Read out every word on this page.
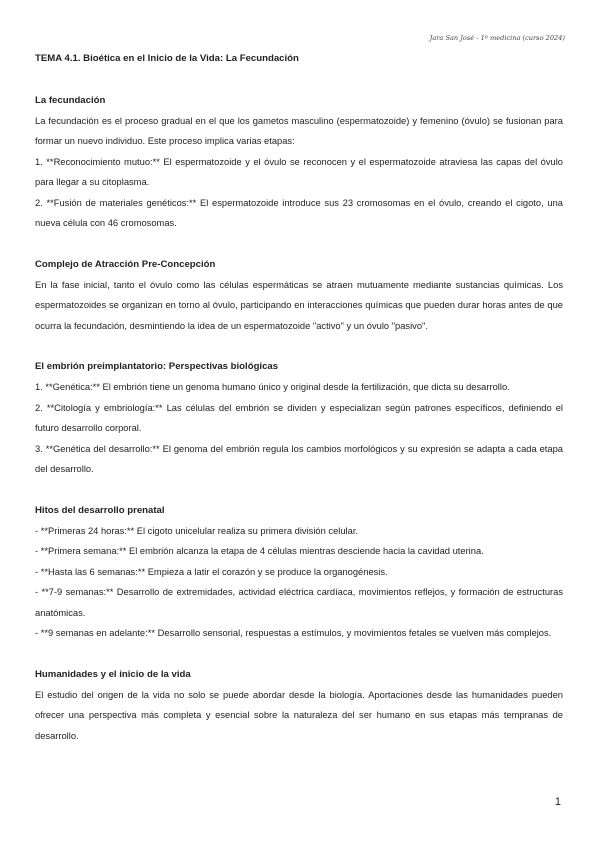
Jara San José - 1º medicina (curso 2024)

TEMA 4.1. Bioética en el Inicio de la Vida: La Fecundación

La fecundación

La fecundación es el proceso gradual en el que los gametos masculino (espermatozoide) y femenino (óvulo) se fusionan para formar un nuevo individuo. Este proceso implica varias etapas:

1. **Reconocimiento mutuo:** El espermatozoide y el óvulo se reconocen y el espermatozoide atraviesa las capas del óvulo para llegar a su citoplasma.

2. **Fusión de materiales genéticos:** El espermatozoide introduce sus 23 cromosomas en el óvulo, creando el cigoto, una nueva célula con 46 cromosomas.

Complejo de Atracción Pre-Concepción

En la fase inicial, tanto el óvulo como las células espermáticas se atraen mutuamente mediante sustancias químicas. Los espermatozoides se organizan en torno al óvulo, participando en interacciones químicas que pueden durar horas antes de que ocurra la fecundación, desmintiendo la idea de un espermatozoide "activo" y un óvulo "pasivo".

El embrión preimplantatorio: Perspectivas biológicas

1. **Genética:** El embrión tiene un genoma humano único y original desde la fertilización, que dicta su desarrollo.

2. **Citología y embriología:** Las células del embrión se dividen y especializan según patrones específicos, definiendo el futuro desarrollo corporal.

3. **Genética del desarrollo:** El genoma del embrión regula los cambios morfológicos y su expresión se adapta a cada etapa del desarrollo.

Hitos del desarrollo prenatal

- **Primeras 24 horas:** El cigoto unicelular realiza su primera división celular.

- **Primera semana:** El embrión alcanza la etapa de 4 células mientras desciende hacia la cavidad uterina.

- **Hasta las 6 semanas:** Empieza a latir el corazón y se produce la organogénesis.

- **7-9 semanas:** Desarrollo de extremidades, actividad eléctrica cardíaca, movimientos reflejos, y formación de estructuras anatómicas.

- **9 semanas en adelante:** Desarrollo sensorial, respuestas a estímulos, y movimientos fetales se vuelven más complejos.

Humanidades y el inicio de la vida

El estudio del origen de la vida no solo se puede abordar desde la biología. Aportaciones desde las humanidades pueden ofrecer una perspectiva más completa y esencial sobre la naturaleza del ser humano en sus etapas más tempranas de desarrollo.

1
